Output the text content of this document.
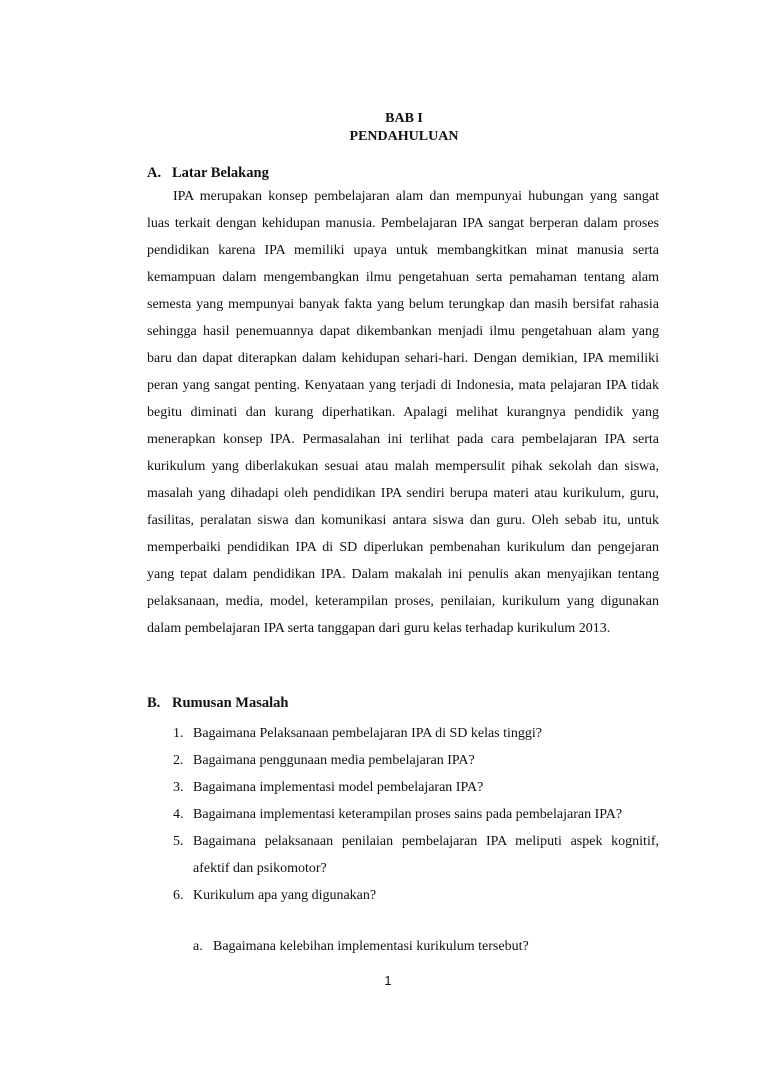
BAB I
PENDAHULUAN
A. Latar Belakang
IPA merupakan konsep pembelajaran alam dan mempunyai hubungan yang sangat luas terkait dengan kehidupan manusia. Pembelajaran IPA sangat berperan dalam proses pendidikan karena IPA memiliki upaya untuk membangkitkan minat manusia serta kemampuan dalam mengembangkan ilmu pengetahuan serta pemahaman tentang alam semesta yang mempunyai banyak fakta yang belum terungkap dan masih bersifat rahasia sehingga hasil penemuannya dapat dikembankan menjadi ilmu pengetahuan alam yang baru dan dapat diterapkan dalam kehidupan sehari-hari. Dengan demikian, IPA memiliki peran yang sangat penting. Kenyataan yang terjadi di Indonesia, mata pelajaran IPA tidak begitu diminati dan kurang diperhatikan. Apalagi melihat kurangnya pendidik yang menerapkan konsep IPA. Permasalahan ini terlihat pada cara pembelajaran IPA serta kurikulum yang diberlakukan sesuai atau malah mempersulit pihak sekolah dan siswa, masalah yang dihadapi oleh pendidikan IPA sendiri berupa materi atau kurikulum, guru, fasilitas, peralatan siswa dan komunikasi antara siswa dan guru. Oleh sebab itu, untuk memperbaiki pendidikan IPA di SD diperlukan pembenahan kurikulum dan pengejaran yang tepat dalam pendidikan IPA. Dalam makalah ini penulis akan menyajikan tentang pelaksanaan, media, model, keterampilan proses, penilaian, kurikulum yang digunakan dalam pembelajaran IPA serta tanggapan dari guru kelas terhadap kurikulum 2013.
B. Rumusan Masalah
1. Bagaimana Pelaksanaan pembelajaran IPA di SD kelas tinggi?
2. Bagaimana penggunaan media pembelajaran IPA?
3. Bagaimana implementasi model pembelajaran IPA?
4. Bagaimana implementasi keterampilan proses sains pada pembelajaran IPA?
5. Bagaimana pelaksanaan penilaian pembelajaran IPA meliputi aspek kognitif, afektif dan psikomotor?
6. Kurikulum apa yang digunakan?
a. Bagaimana kelebihan implementasi kurikulum tersebut?
1
